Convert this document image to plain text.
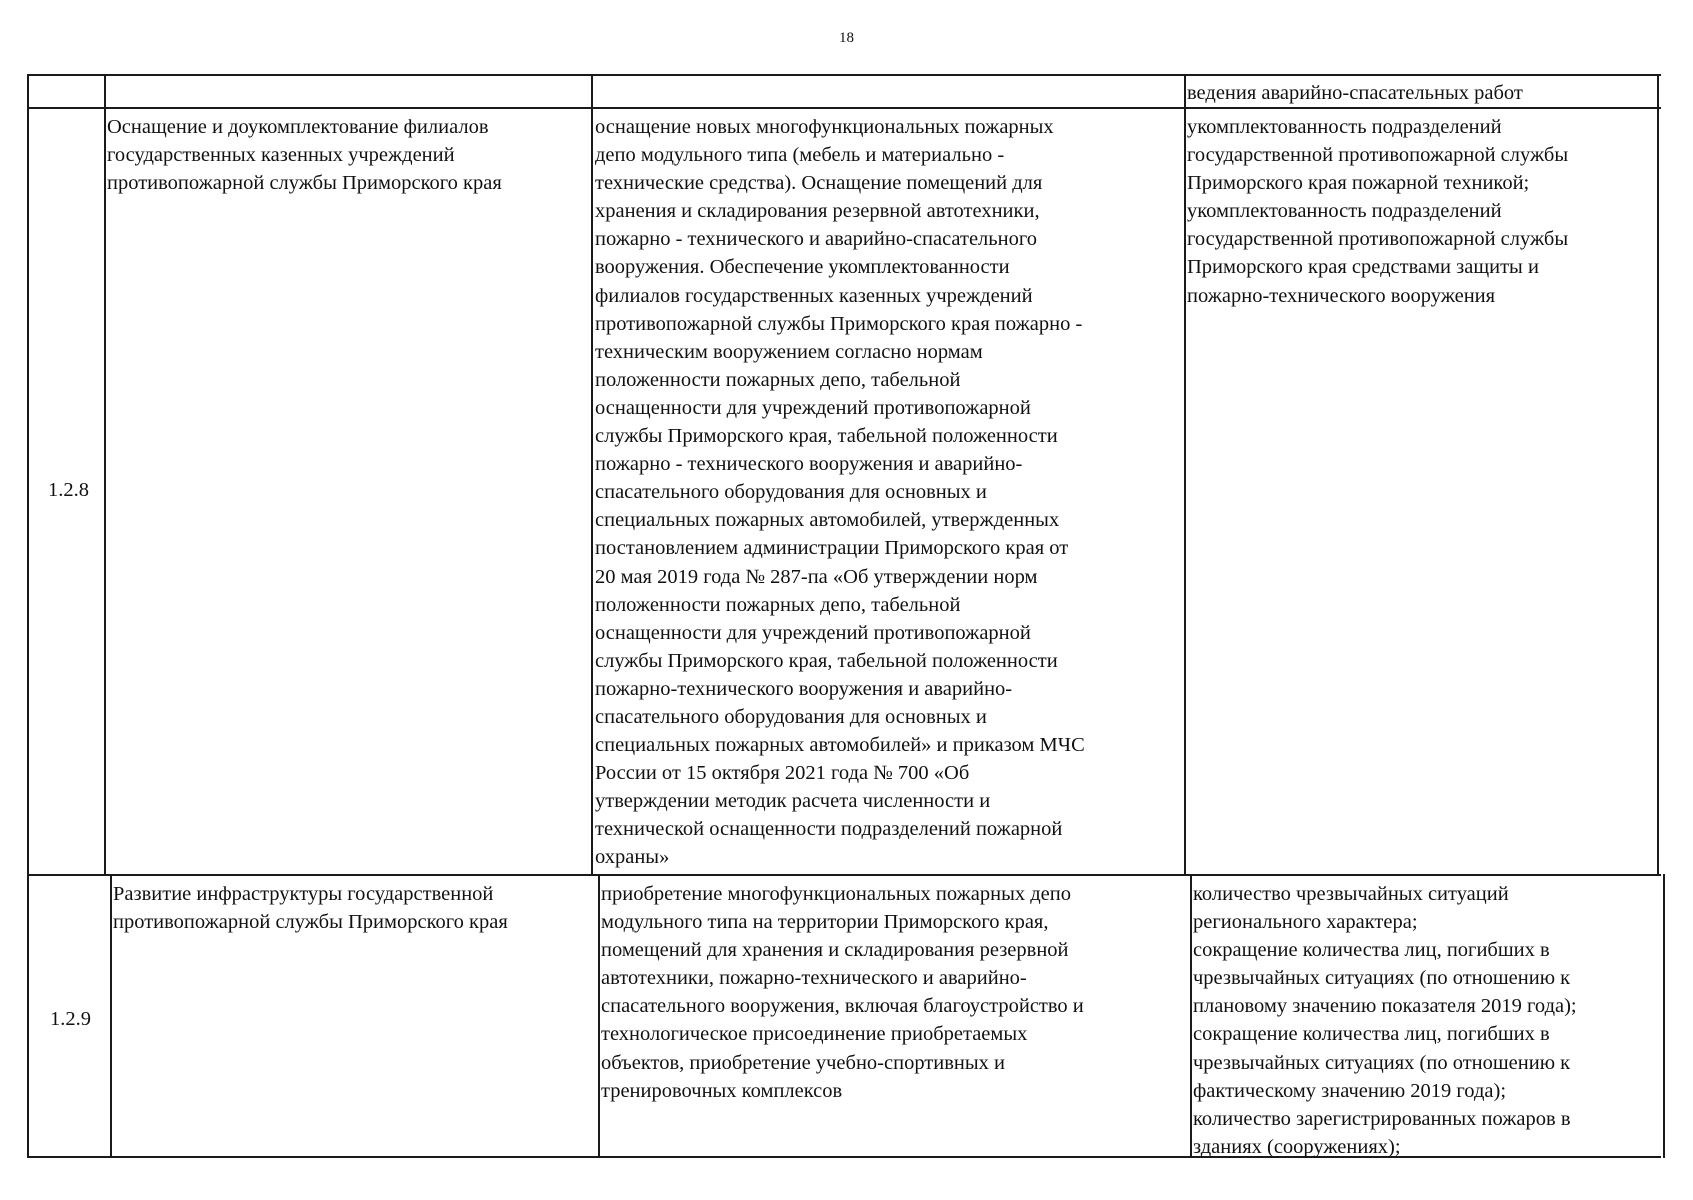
18
ведения аварийно-спасательных работ
1.2.8
Оснащение и доукомплектование филиалов
государственных казенных учреждений
противопожарной службы Приморского края
оснащение новых многофункциональных пожарных
депо модульного типа (мебель и материально -
технические средства). Оснащение помещений для
хранения и складирования резервной автотехники,
пожарно - технического и аварийно-спасательного
вооружения. Обеспечение укомплектованности
филиалов государственных казенных учреждений
противопожарной службы Приморского края пожарно -
техническим вооружением согласно нормам
положенности пожарных депо, табельной
оснащенности для учреждений противопожарной
службы Приморского края, табельной положенности
пожарно - технического вооружения и аварийно-
спасательного оборудования для основных и
специальных пожарных автомобилей, утвержденных
постановлением администрации Приморского края от
20 мая 2019 года № 287-па «Об утверждении норм
положенности пожарных депо, табельной
оснащенности для учреждений противопожарной
службы Приморского края, табельной положенности
пожарно-технического вооружения и аварийно-
спасательного оборудования для основных и
специальных пожарных автомобилей» и приказом МЧС
России от 15 октября 2021 года № 700 «Об
утверждении методик расчета численности и
технической оснащенности подразделений пожарной
охраны»
укомплектованность подразделений
государственной противопожарной службы
Приморского края пожарной техникой;
укомплектованность подразделений
государственной противопожарной службы
Приморского края средствами защиты и
пожарно-технического вооружения
1.2.9
Развитие инфраструктуры государственной
противопожарной службы Приморского края
приобретение многофункциональных пожарных депо
модульного типа на территории Приморского края,
помещений для хранения и складирования резервной
автотехники, пожарно-технического и аварийно-
спасательного вооружения, включая благоустройство и
технологическое присоединение приобретаемых
объектов, приобретение учебно-спортивных и
тренировочных комплексов
количество чрезвычайных ситуаций
регионального характера;
сокращение количества лиц, погибших в
чрезвычайных ситуациях (по отношению к
плановому значению показателя 2019 года);
сокращение количества лиц, погибших в
чрезвычайных ситуациях (по отношению к
фактическому значению 2019 года);
количество зарегистрированных пожаров в
зданиях (сооружениях);
